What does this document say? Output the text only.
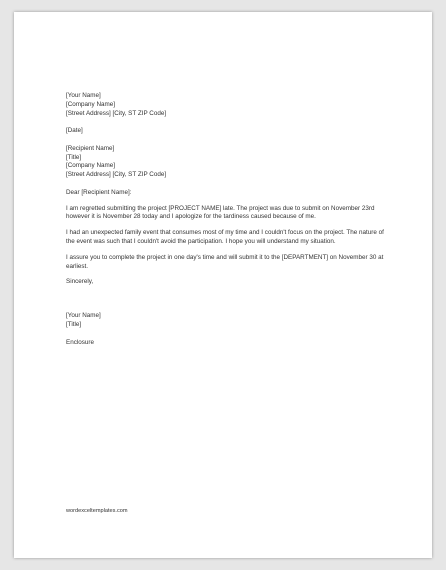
[Your Name]
[Company Name]
[Street Address] [City, ST ZIP Code]
[Date]
[Recipient Name]
[Title]
[Company Name]
[Street Address] [City, ST ZIP Code]
Dear [Recipient Name]:
I am regretted submitting the project [PROJECT NAME] late. The project was due to submit on November 23rd however it is November 28 today and I apologize for the tardiness caused because of me.
I had an unexpected family event that consumes most of my time and I couldn't focus on the project. The nature of the event was such that I couldn't avoid the participation. I hope you will understand my situation.
I assure you to complete the project in one day's time and will submit it to the [DEPARTMENT] on November 30 at earliest.
Sincerely,
[Your Name]
[Title]
Enclosure
wordexceltemplates.com
